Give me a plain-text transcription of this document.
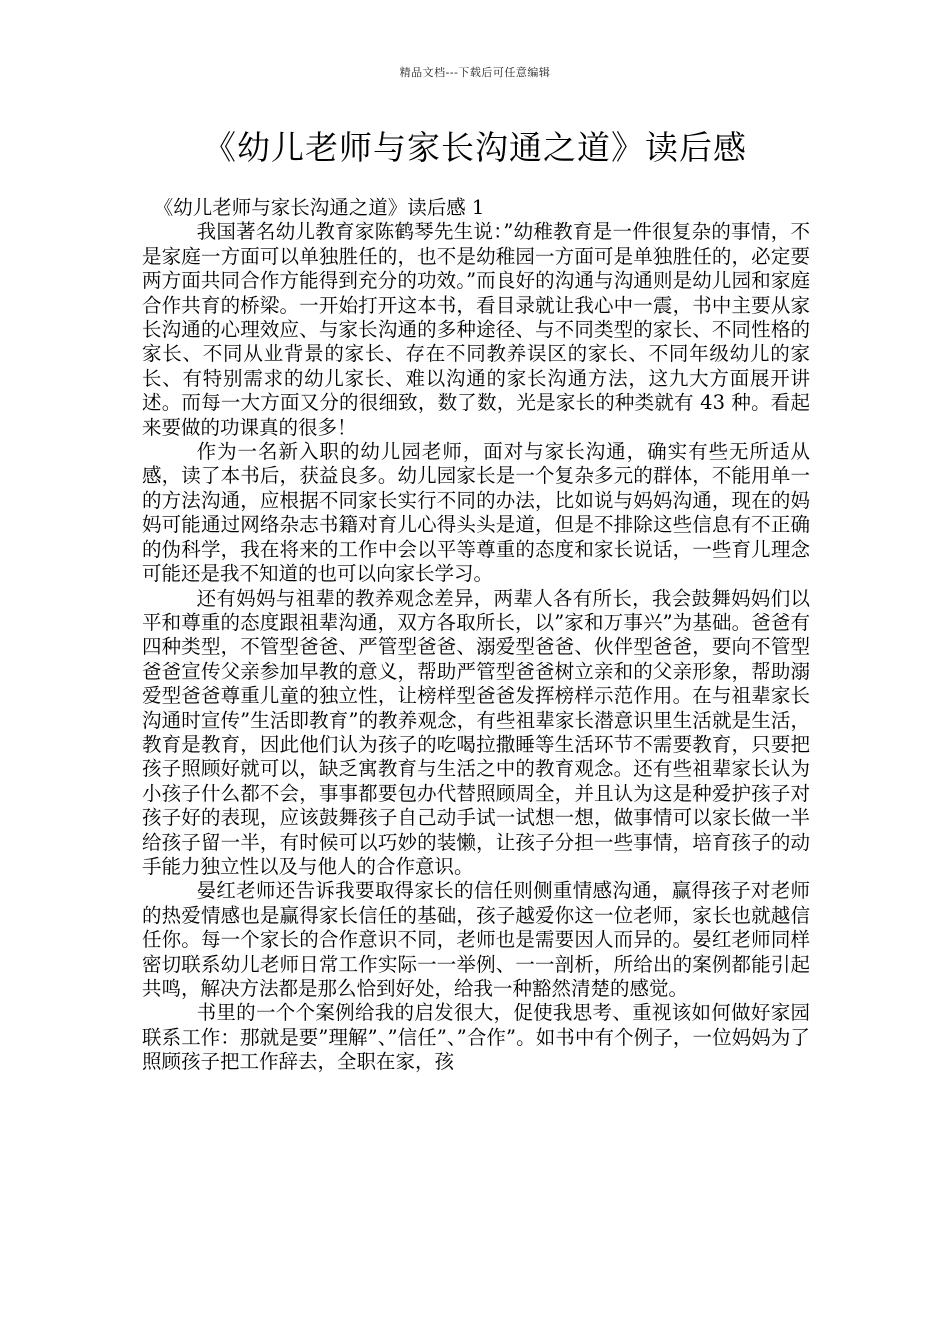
精品文档---下载后可任意编辑
《幼儿老师与家长沟通之道》读后感

《幼儿老师与家长沟通之道》读后感 1

我国著名幼儿教育家陈鹤琴先生说：”幼稚教育是一件很复杂的事情，不是家庭一方面可以单独胜任的，也不是幼稚园一方面可是单独胜任的，必定要两方面共同合作方能得到充分的功效。”而良好的沟通与沟通则是幼儿园和家庭合作共育的桥梁。一开始打开这本书，看目录就让我心中一震，书中主要从家长沟通的心理效应、与家长沟通的多种途径、与不同类型的家长、不同性格的家长、不同从业背景的家长、存在不同教养误区的家长、不同年级幼儿的家长、有特别需求的幼儿家长、难以沟通的家长沟通方法，这九大方面展开讲述。而每一大方面又分的很细致，数了数，光是家长的种类就有 43 种。看起来要做的功课真的很多！

作为一名新入职的幼儿园老师，面对与家长沟通，确实有些无所适从感，读了本书后，获益良多。幼儿园家长是一个复杂多元的群体，不能用单一的方法沟通，应根据不同家长实行不同的办法，比如说与妈妈沟通，现在的妈妈可能通过网络杂志书籍对育儿心得头头是道，但是不排除这些信息有不正确的伪科学，我在将来的工作中会以平等尊重的态度和家长说话，一些育儿理念可能还是我不知道的也可以向家长学习。

还有妈妈与祖辈的教养观念差异，两辈人各有所长，我会鼓舞妈妈们以平和尊重的态度跟祖辈沟通，双方各取所长，以”家和万事兴”为基础。爸爸有四种类型，不管型爸爸、严管型爸爸、溺爱型爸爸、伙伴型爸爸，要向不管型爸爸宣传父亲参加早教的意义，帮助严管型爸爸树立亲和的父亲形象，帮助溺爱型爸爸尊重儿童的独立性，让榜样型爸爸发挥榜样示范作用。在与祖辈家长沟通时宣传”生活即教育”的教养观念，有些祖辈家长潜意识里生活就是生活，教育是教育，因此他们认为孩子的吃喝拉撒睡等生活环节不需要教育，只要把孩子照顾好就可以，缺乏寓教育与生活之中的教育观念。还有些祖辈家长认为小孩子什么都不会，事事都要包办代替照顾周全，并且认为这是种爱护孩子对孩子好的表现，应该鼓舞孩子自己动手试一试想一想，做事情可以家长做一半给孩子留一半，有时候可以巧妙的装懒，让孩子分担一些事情，培育孩子的动手能力独立性以及与他人的合作意识。

晏红老师还告诉我要取得家长的信任则侧重情感沟通，赢得孩子对老师的热爱情感也是赢得家长信任的基础，孩子越爱你这一位老师，家长也就越信任你。每一个家长的合作意识不同，老师也是需要因人而异的。晏红老师同样密切联系幼儿老师日常工作实际一一举例、一一剖析，所给出的案例都能引起共鸣，解决方法都是那么恰到好处，给我一种豁然清楚的感觉。

书里的一个个案例给我的启发很大，促使我思考、重视该如何做好家园联系工作：那就是要”理解”、”信任”、”合作”。如书中有个例子，一位妈妈为了照顾孩子把工作辞去，全职在家，孩
